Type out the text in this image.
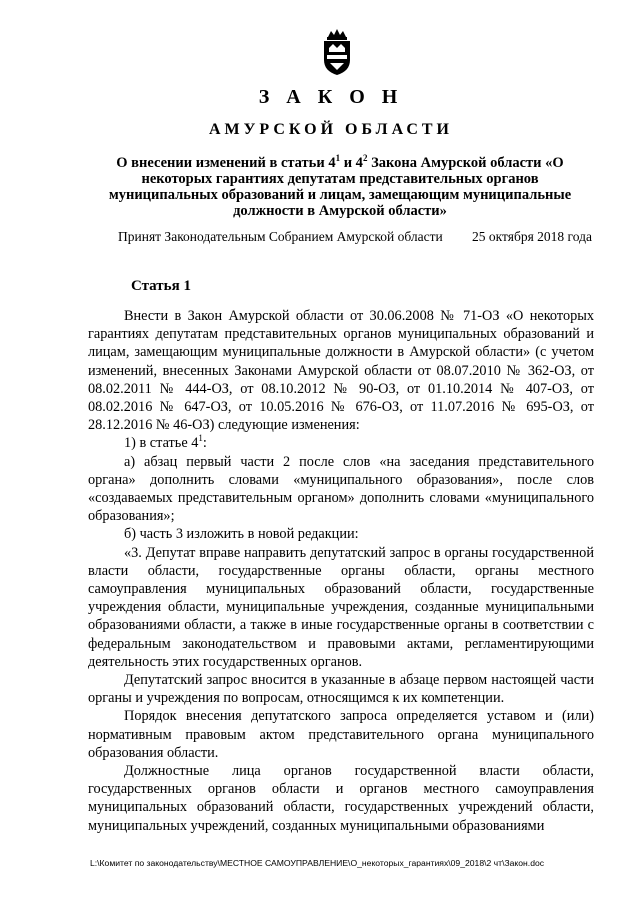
З А К О Н
АМУРСКОЙ ОБЛАСТИ
О внесении изменений в статьи $4^1$ и $4^2$ Закона Амурской области «О некоторых гарантиях депутатам представительных органов муниципальных образований и лицам, замещающим муниципальные должности в Амурской области»
Принят Законодательным Собранием Амурской области 25 октября 2018 года
Статья 1

Внести в Закон Амурской области от 30.06.2008 № 71-ОЗ «О некоторых гарантиях депутатам представительных органов муниципальных образований и лицам, замещающим муниципальные должности в Амурской области» (с учетом изменений, внесенных Законами Амурской области от 08.07.2010 № 362-ОЗ, от 08.02.2011 № 444-ОЗ, от 08.10.2012 № 90-ОЗ, от 01.10.2014 № 407-ОЗ, от 08.02.2016 № 647-ОЗ, от 10.05.2016 № 676-ОЗ, от 11.07.2016 № 695-ОЗ, от 28.12.2016 № 46-ОЗ) следующие изменения:

1) в статье $4^1$:

а) абзац первый части 2 после слов «на заседания представительного органа» дополнить словами «муниципального образования», после слов «создаваемых представительным органом» дополнить словами «муниципального образования»;

б) часть 3 изложить в новой редакции:

«3. Депутат вправе направить депутатский запрос в органы государственной власти области, государственные органы области, органы местного самоуправления муниципальных образований области, государственные учреждения области, муниципальные учреждения, созданные муниципальными образованиями области, а также в иные государственные органы в соответствии с федеральным законодательством и правовыми актами, регламентирующими деятельность этих государственных органов.

Депутатский запрос вносится в указанные в абзаце первом настоящей части органы и учреждения по вопросам, относящимся к их компетенции.

Порядок внесения депутатского запроса определяется уставом и (или) нормативным правовым актом представительного органа муниципального образования области.

Должностные лица органов государственной власти области, государственных органов области и органов местного самоуправления муниципальных образований области, государственных учреждений области, муниципальных учреждений, созданных муниципальными образованиями

L:\Комитет по законодательству\МЕСТНОЕ САМОУПРАВЛЕНИЕ\О_некоторых_гарантиях\09_2018\2 чт\Закон.doc
